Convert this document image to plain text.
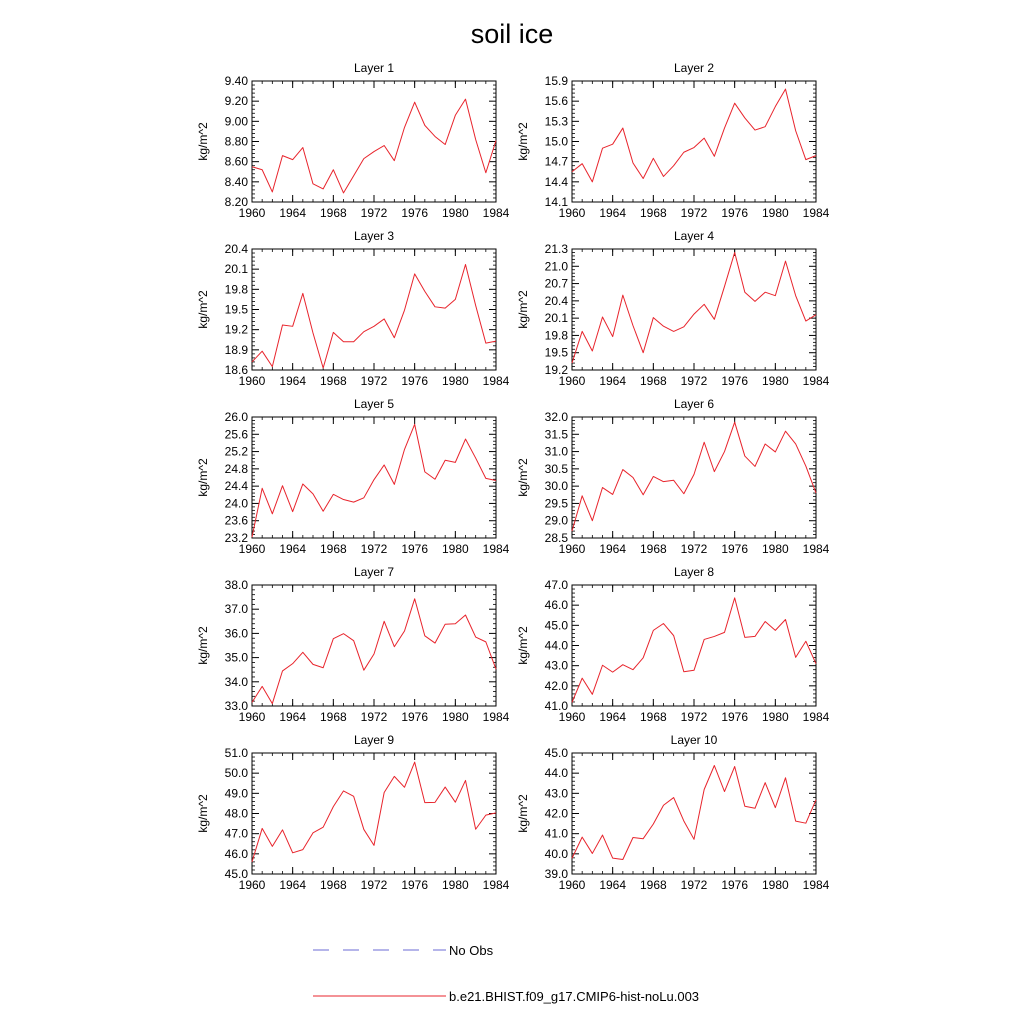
soil ice
Layer 1
kg/m^2
1960 1964 1968 1972 1976 1980 1984
8.20
8.40
8.60
8.80
9.00
9.20
9.40
Layer 2
kg/m^2
1960 1964 1968 1972 1976 1980 1984
14.1
14.4
14.7
15.0
15.3
15.6
15.9
Layer 3
kg/m^2
1960 1964 1968 1972 1976 1980 1984
18.6
18.9
19.2
19.5
19.8
20.1
20.4
Layer 4
kg/m^2
1960 1964 1968 1972 1976 1980 1984
19.2
19.5
19.8
20.1
20.4
20.7
21.0
21.3
Layer 5
kg/m^2
1960 1964 1968 1972 1976 1980 1984
23.2
23.6
24.0
24.4
24.8
25.2
25.6
26.0
Layer 6
kg/m^2
1960 1964 1968 1972 1976 1980 1984
28.5
29.0
29.5
30.0
30.5
31.0
31.5
32.0
Layer 7
kg/m^2
1960 1964 1968 1972 1976 1980 1984
33.0
34.0
35.0
36.0
37.0
38.0
Layer 8
kg/m^2
1960 1964 1968 1972 1976 1980 1984
41.0
42.0
43.0
44.0
45.0
46.0
47.0
Layer 9
kg/m^2
1960 1964 1968 1972 1976 1980 1984
45.0
46.0
47.0
48.0
49.0
50.0
51.0
Layer 10
kg/m^2
1960 1964 1968 1972 1976 1980 1984
39.0
40.0
41.0
42.0
43.0
44.0
45.0
No Obs
b.e21.BHIST.f09_g17.CMIP6-hist-noLu.003
